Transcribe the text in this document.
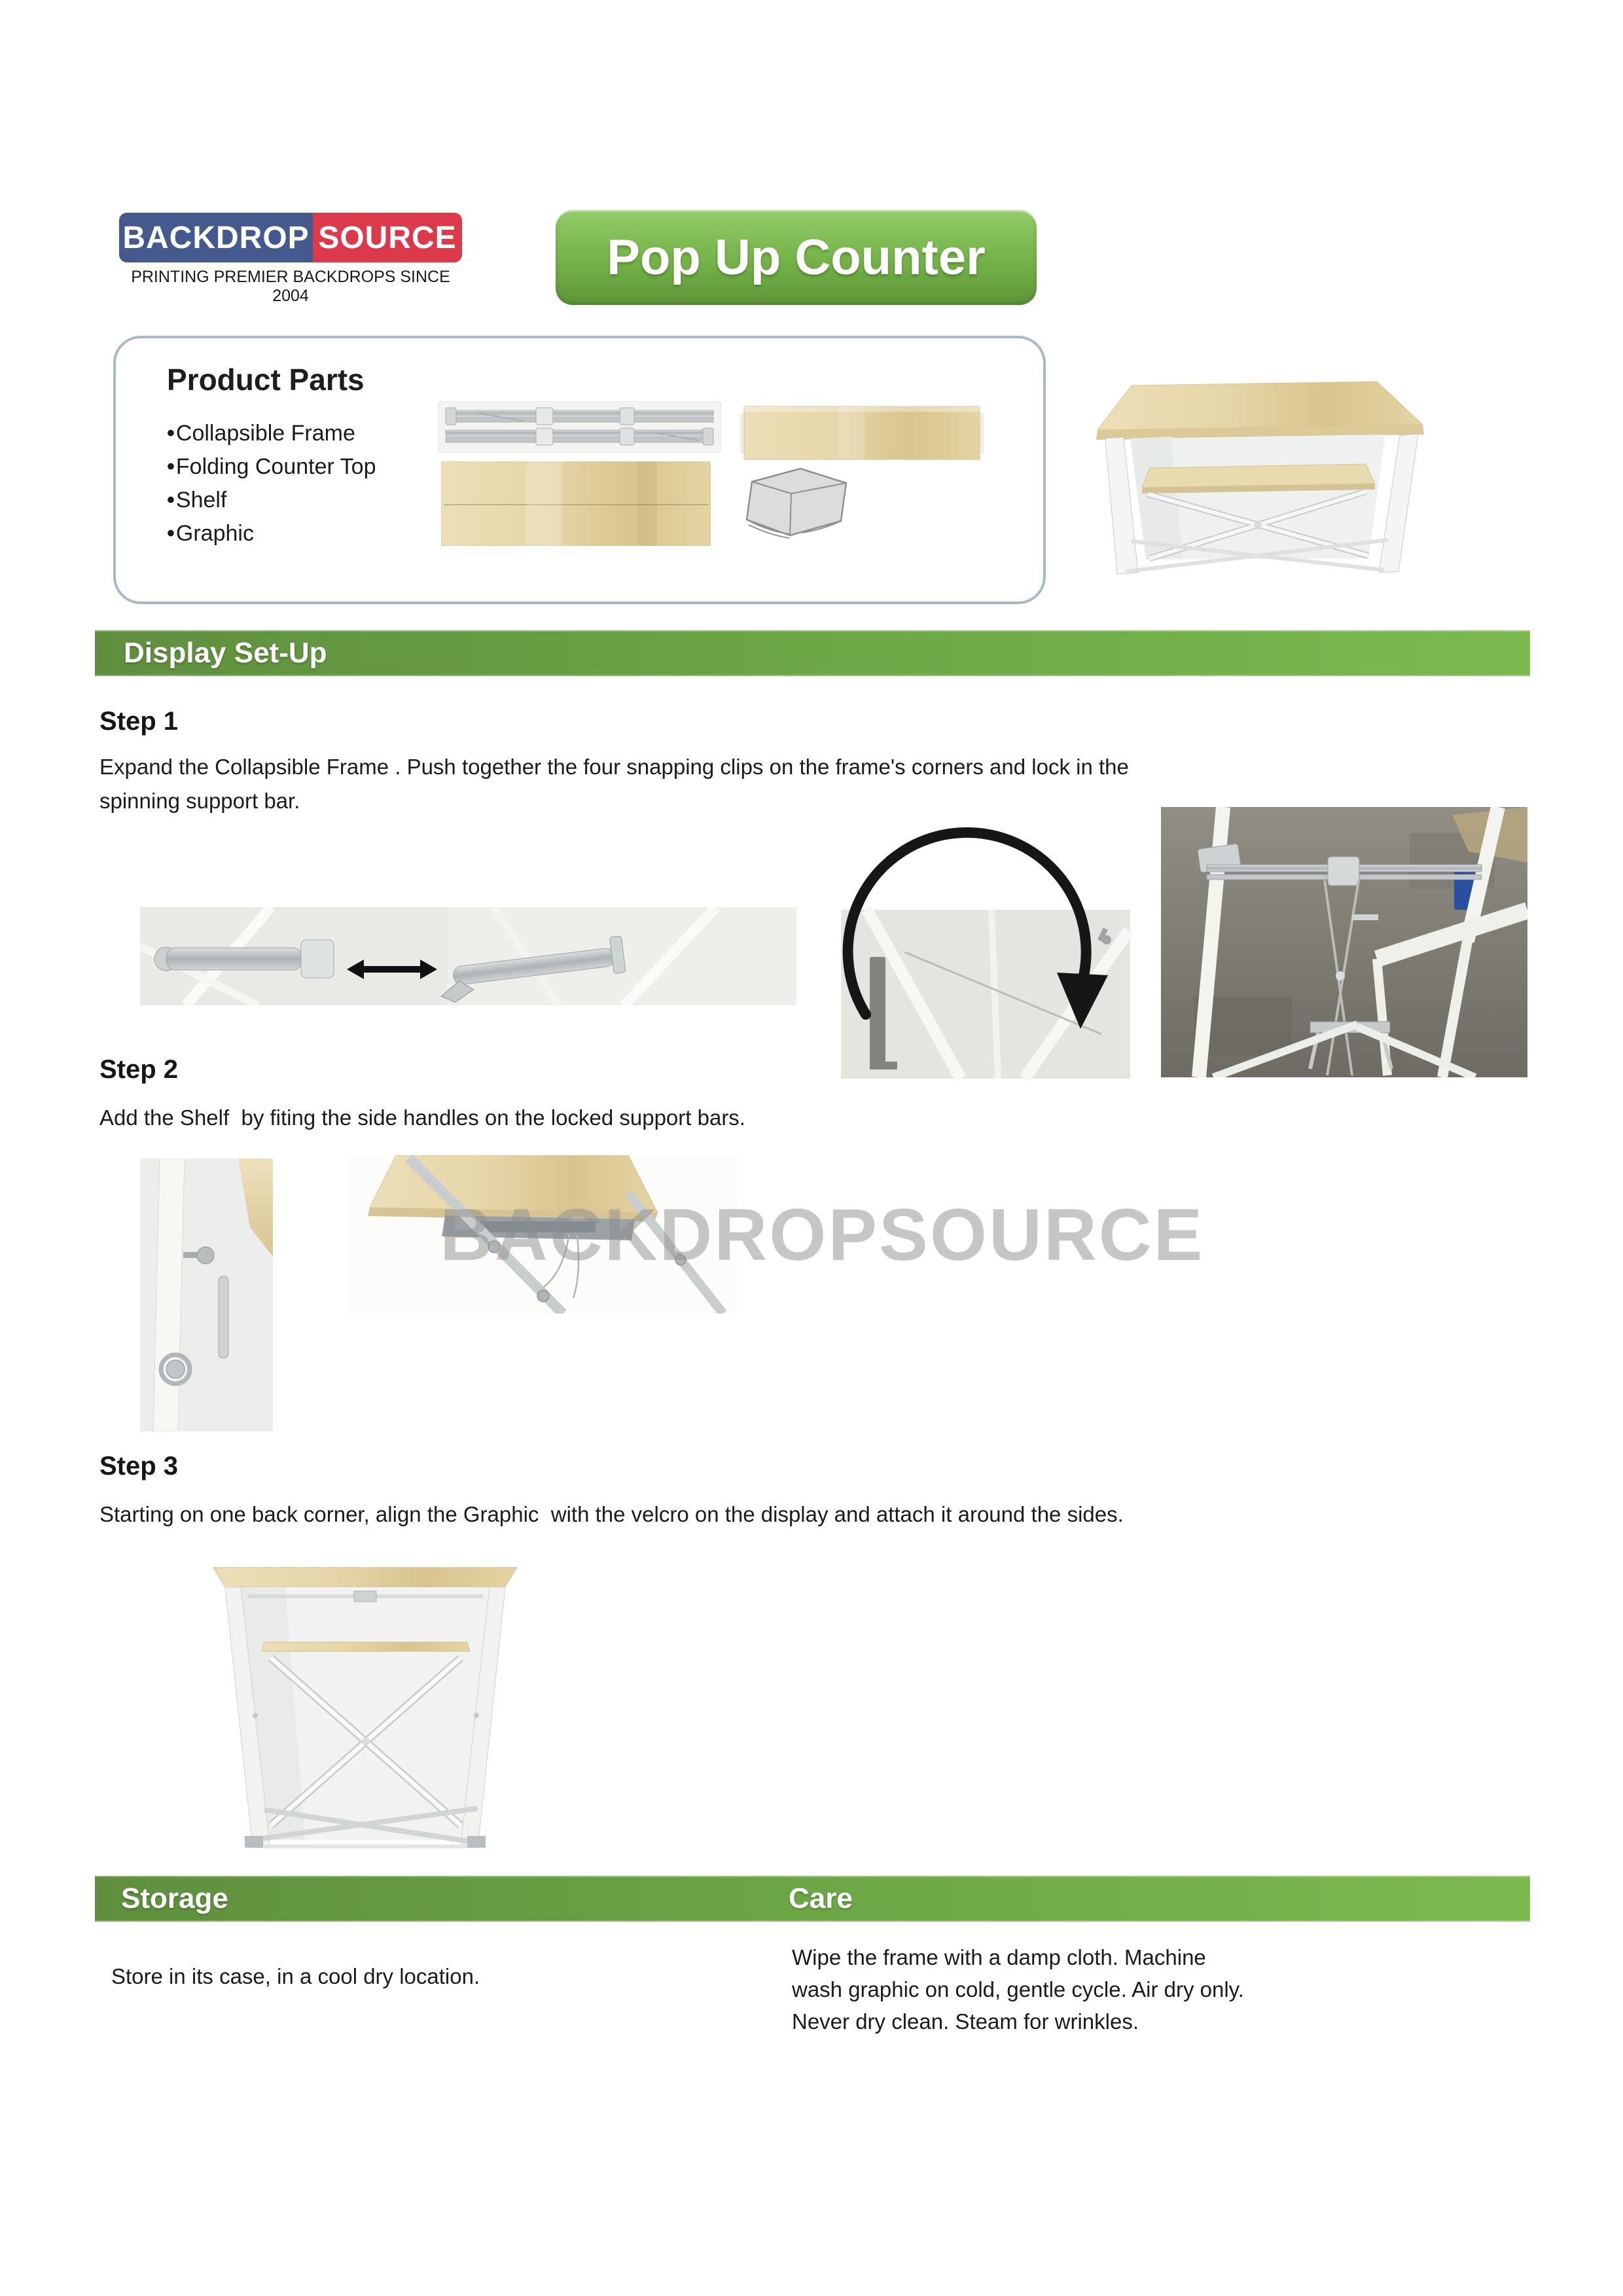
BACKDROP SOURCE
PRINTING PREMIER BACKDROPS SINCE 2004
Pop Up Counter
Product Parts
• Collapsible Frame
• Folding Counter Top
• Shelf
• Graphic
Display Set-Up
Step 1
Expand the Collapsible Frame . Push together the four snapping clips on the frame's corners and lock in the
spinning support bar.
Step 2
Add the Shelf  by fiting the side handles on the locked support bars.
BACKDROPSOURCE
Step 3
Starting on one back corner, align the Graphic  with the velcro on the display and attach it around the sides.
Storage	Care
Store in its case, in a cool dry location.
Wipe the frame with a damp cloth. Machine
wash graphic on cold, gentle cycle. Air dry only.
Never dry clean. Steam for wrinkles.
